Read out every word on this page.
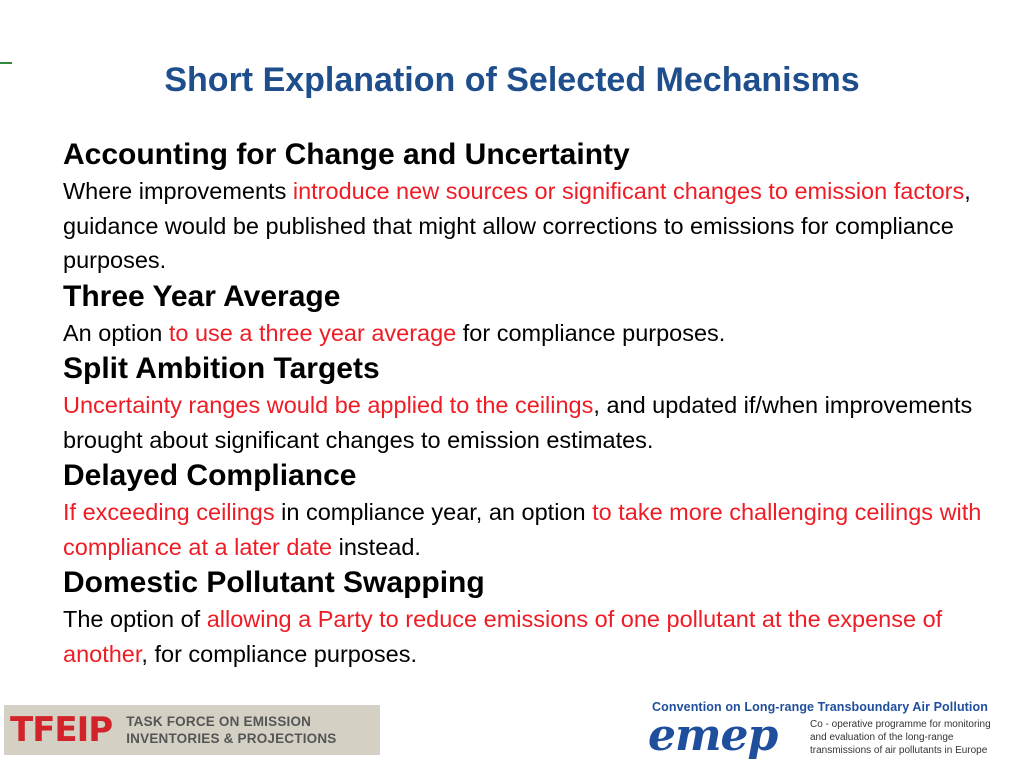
Short Explanation of Selected Mechanisms

Accounting for Change and Uncertainty

Where improvements introduce new sources or significant changes to emission factors, guidance would be published that might allow corrections to emissions for compliance purposes.

Three Year Average

An option to use a three year average for compliance purposes.

Split Ambition Targets

Uncertainty ranges would be applied to the ceilings, and updated if/when improvements brought about significant changes to emission estimates.

Delayed Compliance

If exceeding ceilings in compliance year, an option to take more challenging ceilings with compliance at a later date instead.

Domestic Pollutant Swapping

The option of allowing a Party to reduce emissions of one pollutant at the expense of another, for compliance purposes.

TFEIP TASK FORCE ON EMISSION
INVENTORIES & PROJECTIONS
Convention on Long-range Transboundary Air Pollution
emep	Co - operative programme for monitoring
and evaluation of the long-range
transmissions of air pollutants in Europe
